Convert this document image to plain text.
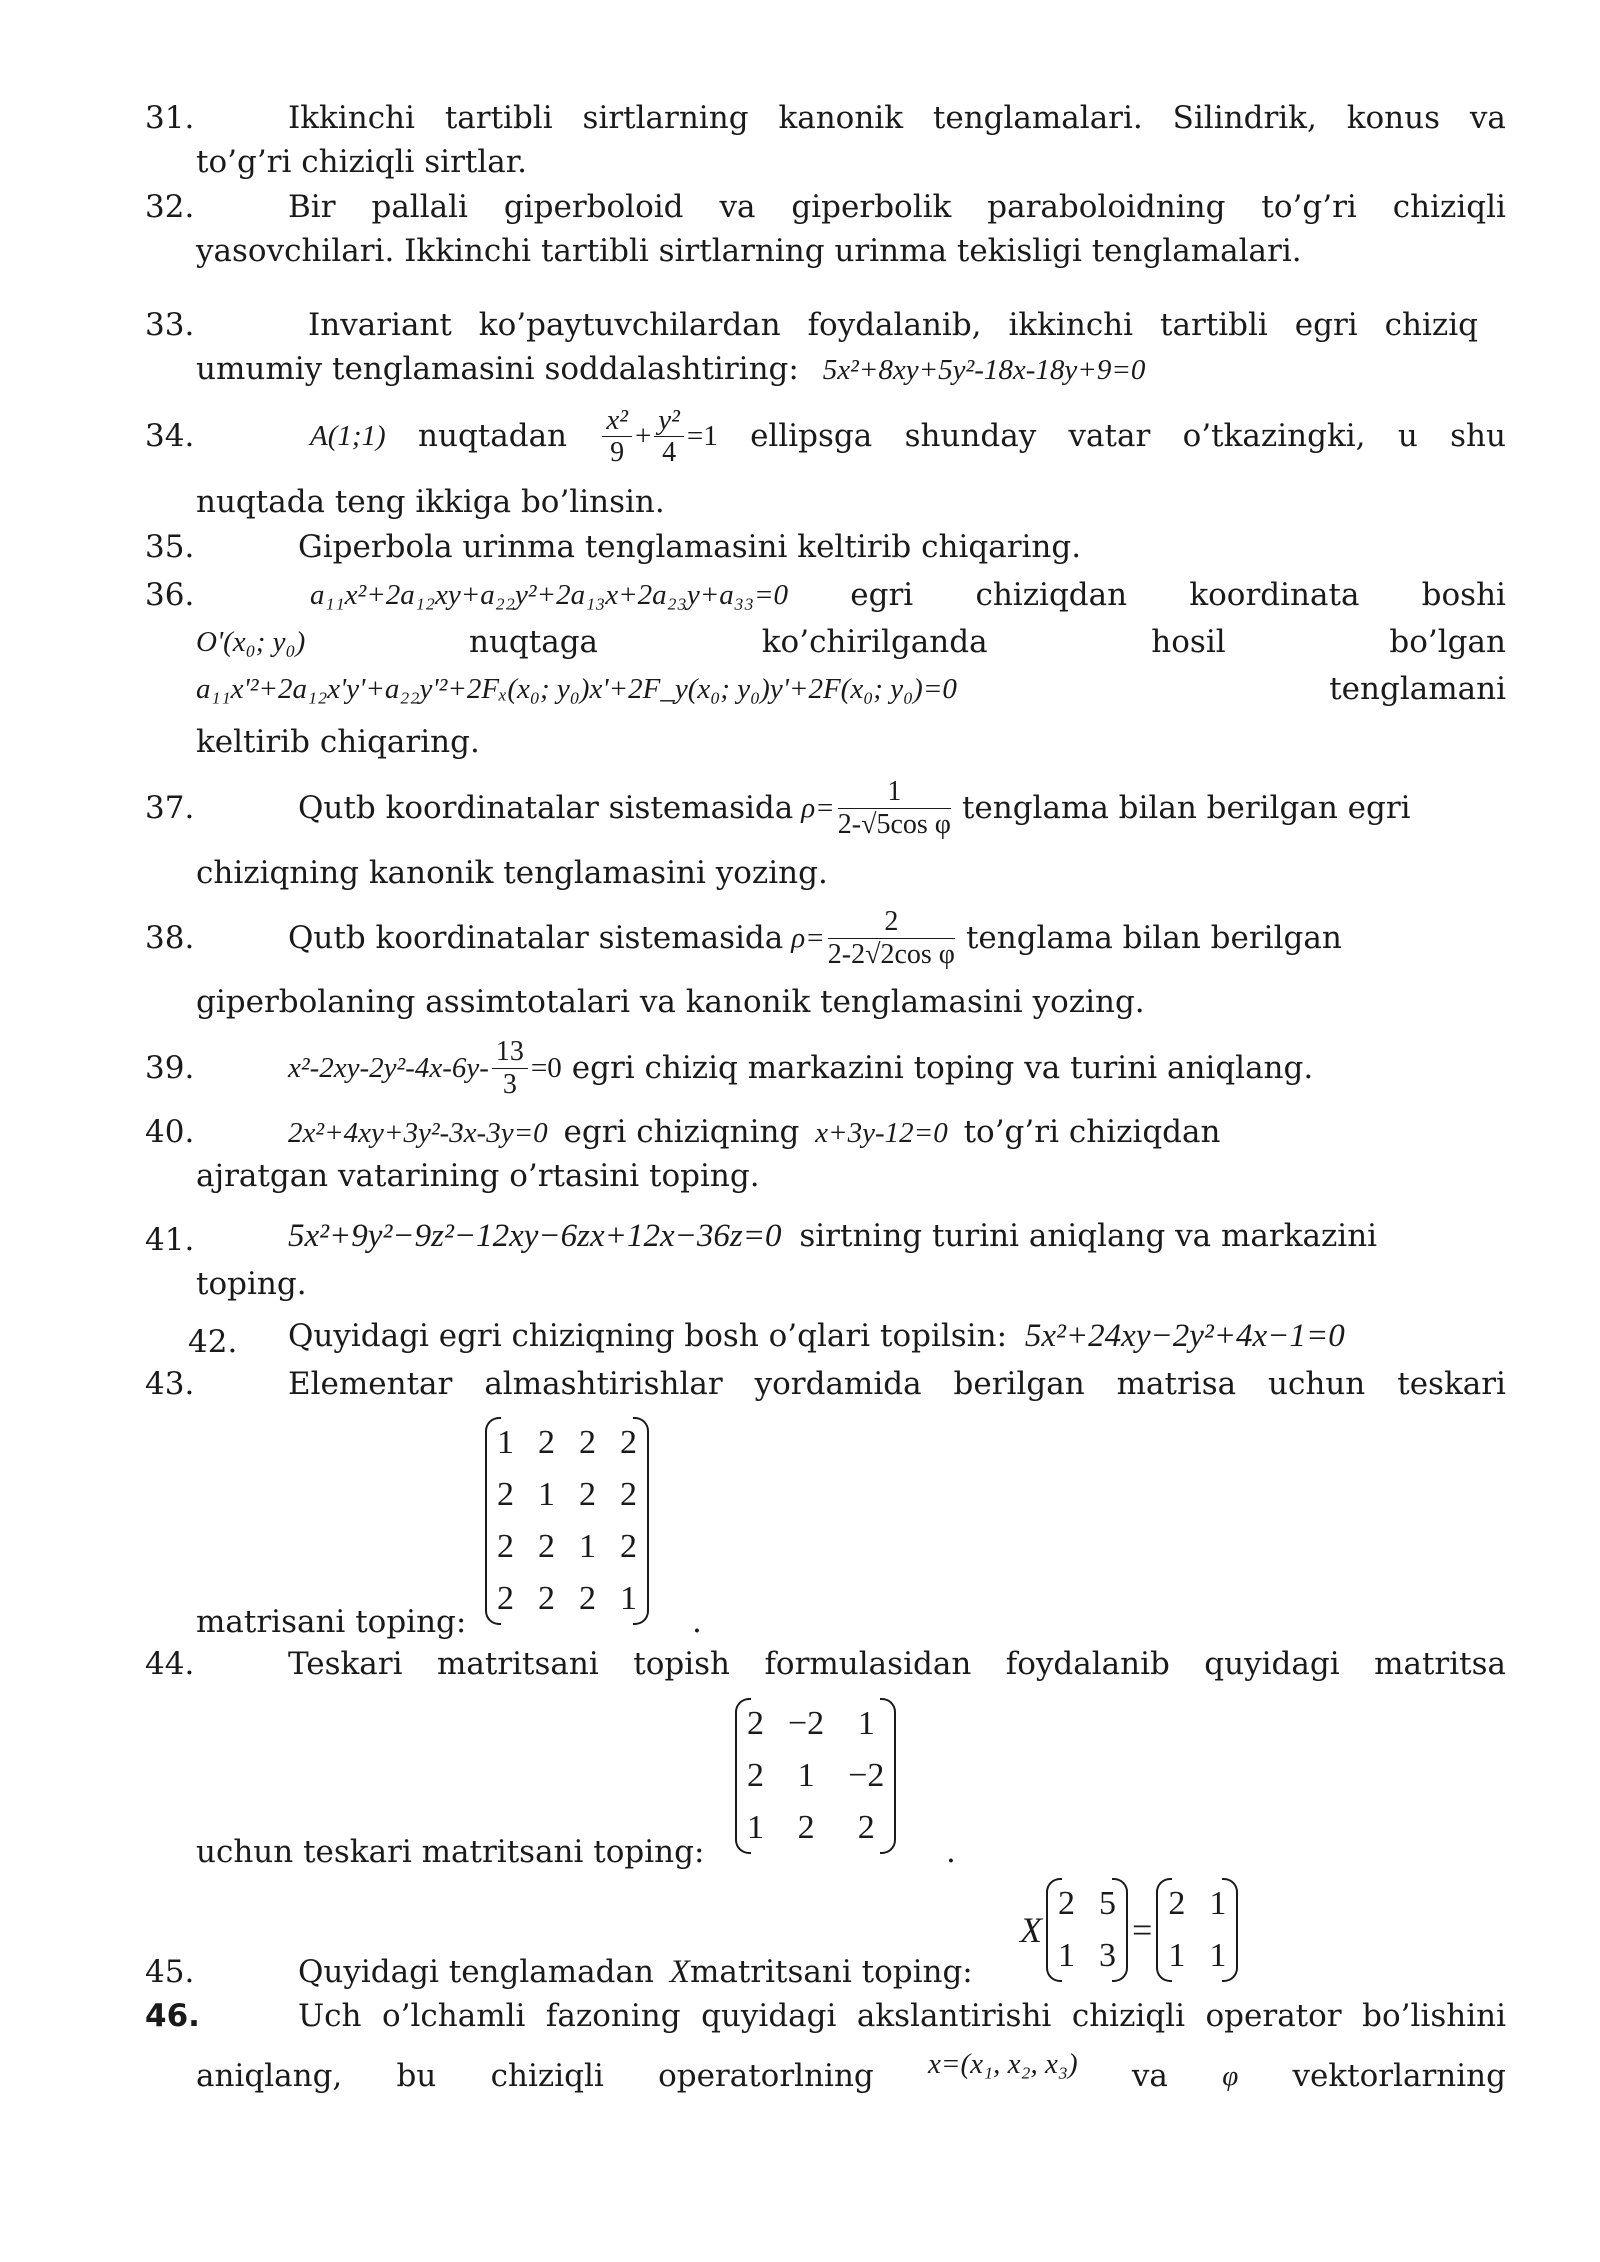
31.	Ikkinchi tartibli sirtlarning kanonik tenglamalari. Silindrik, konus va
to’g’ri chiziqli sirtlar.
32.	Bir pallali giperboloid va giperbolik paraboloidning to’g’ri chiziqli
yasovchilari. Ikkinchi tartibli sirtlarning urinma tekisligi tenglamalari.
33.	Invariant ko’paytuvchilardan foydalanib, ikkinchi tartibli egri chiziq
umumiy tenglamasini soddalashtiring: 5x²+8xy+5y²-18x-18y+9=0
34.	A(1;1) nuqtadan $\frac{\text{x²}}{9} + \frac{\text{y²}}{4} =1$ ellipsga shunday vatar o’tkazingki, u shu
nuqtada teng ikkiga bo’linsin.
35.	Giperbola urinma tenglamasini keltirib chiqaring.
36.	a₁₁x²+2a₁₂xy+a₂₂y²+2a₁₃x+2a₂₃y+a₃₃=0 egri chiziqdan koordinata boshi
O'(x₀; y₀)	nuqtaga	ko’chirilganda	hosil	bo’lgan
a₁₁x'²+2a₁₂x'y'+a₂₂y'²+2Fₓ(x₀; y₀)x'+2F_y(x₀; y₀)y'+2F(x₀; y₀)=0	tenglamani
keltirib chiqaring.
37.	Qutb koordinatalar sistemasida $\rho= \frac{1}{\text{2-√5cos φ}}$ tenglama bilan berilgan egri
chiziqning kanonik tenglamasini yozing.
38.	Qutb koordinatalar sistemasida $\rho= \frac{2}{\text{2-2√2cos φ}}$ tenglama bilan berilgan
giperbolaning assimtotalari va kanonik tenglamasini yozing.
39.	$x^2-2xy-2y^2-4x-6y- \frac{13}{3} =0$ egri chiziq markazini toping va turini aniqlang.
40.	2x²+4xy+3y²-3x-3y=0 egri chiziqning x+3y-12=0 to’g’ri chiziqdan
ajratgan vatarining o’rtasini toping.
41.	5x²+9y²−9z²−12xy−6zx+12x−36z=0 sirtning turini aniqlang va markazini
toping.
42. Quyidagi egri chiziqning bosh o’qlari topilsin: 5x²+24xy−2y²+4x−1=0
43.	Elementar almashtirishlar yordamida berilgan matrisa uchun teskari
1	2	2	2
2	1	2	2
2	2	1	2
2	2	2	1
matrisani toping:	.
44.	Teskari matritsani topish formulasidan foydalanib quyidagi matritsa
2	−2	1
2	1	−2
1	2	2
uchun teskari matritsani toping:	.
45.	Quyidagi tenglamadan Xmatritsani toping:
X
2	5
1	3
=
2	1
1	1
46.	Uch o’lchamli fazoning quyidagi akslantirishi chiziqli operator bo’lishini
aniqlang, bu chiziqli operatorlning x=(x₁, x₂, x₃) va φ vektorlarning
